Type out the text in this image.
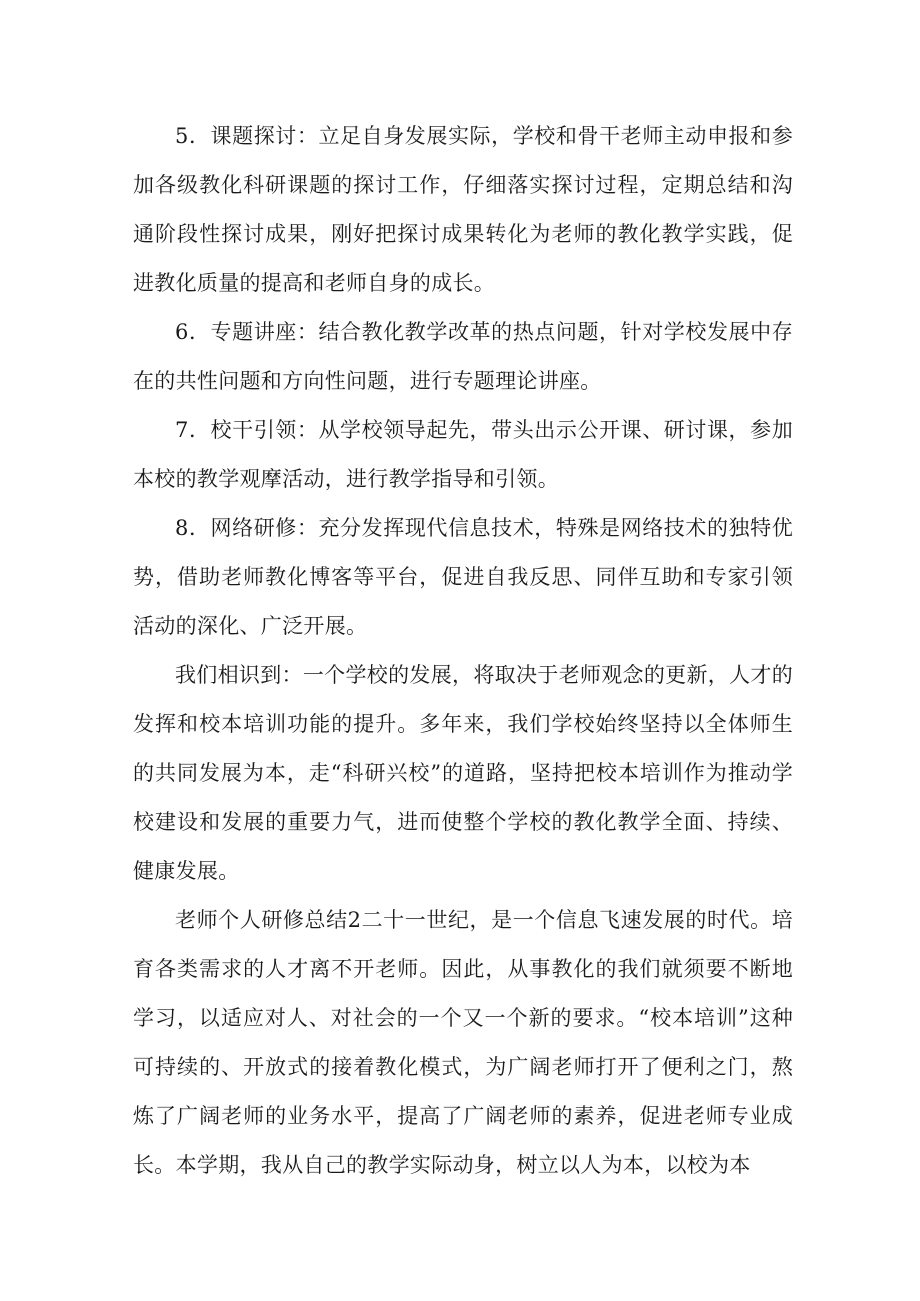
5．课题探讨：立足自身发展实际，学校和骨干老师主动申报和参加各级教化科研课题的探讨工作，仔细落实探讨过程，定期总结和沟通阶段性探讨成果，刚好把探讨成果转化为老师的教化教学实践，促进教化质量的提高和老师自身的成长。

6．专题讲座：结合教化教学改革的热点问题，针对学校发展中存在的共性问题和方向性问题，进行专题理论讲座。

7．校干引领：从学校领导起先，带头出示公开课、研讨课，参加本校的教学观摩活动，进行教学指导和引领。

8．网络研修：充分发挥现代信息技术，特殊是网络技术的独特优势，借助老师教化博客等平台，促进自我反思、同伴互助和专家引领活动的深化、广泛开展。

我们相识到：一个学校的发展，将取决于老师观念的更新，人才的发挥和校本培训功能的提升。多年来，我们学校始终坚持以全体师生的共同发展为本，走“科研兴校”的道路，坚持把校本培训作为推动学校建设和发展的重要力气，进而使整个学校的教化教学全面、持续、健康发展。

老师个人研修总结2二十一世纪，是一个信息飞速发展的时代。培育各类需求的人才离不开老师。因此，从事教化的我们就须要不断地学习，以适应对人、对社会的一个又一个新的要求。“校本培训”这种可持续的、开放式的接着教化模式，为广阔老师打开了便利之门，熬炼了广阔老师的业务水平，提高了广阔老师的素养，促进老师专业成长。本学期，我从自己的教学实际动身，树立以人为本，以校为本
